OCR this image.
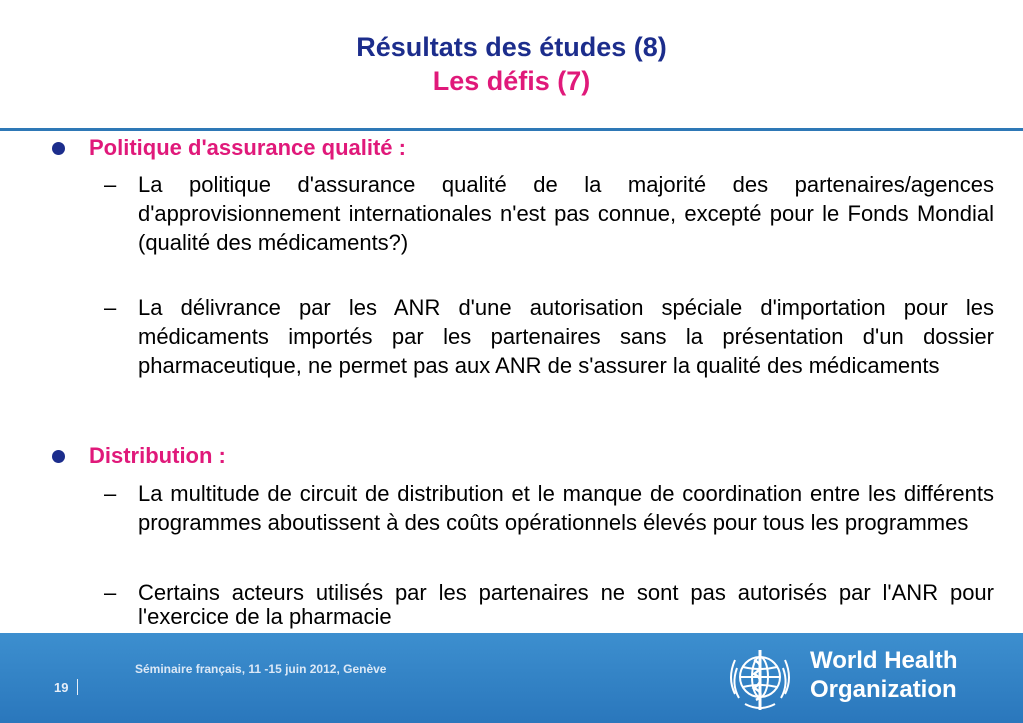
Résultats des études (8)
Les défis (7)
Politique d'assurance qualité :
– La politique d'assurance qualité de la majorité des partenaires/agences d'approvisionnement internationales n'est pas connue, excepté pour le Fonds Mondial (qualité des médicaments?)
– La délivrance par les ANR d'une autorisation spéciale d'importation pour les médicaments importés par les partenaires sans la présentation d'un dossier pharmaceutique, ne permet pas aux ANR de s'assurer la qualité des médicaments
Distribution :
– La multitude de circuit de distribution et le manque de coordination entre les différents programmes aboutissent à des coûts opérationnels élevés pour tous les programmes
– Certains acteurs utilisés par les partenaires ne sont pas autorisés par l'ANR pour l'exercice de la pharmacie
Séminaire français, 11 -15 juin 2012, Genève
19
World Health
Organization
